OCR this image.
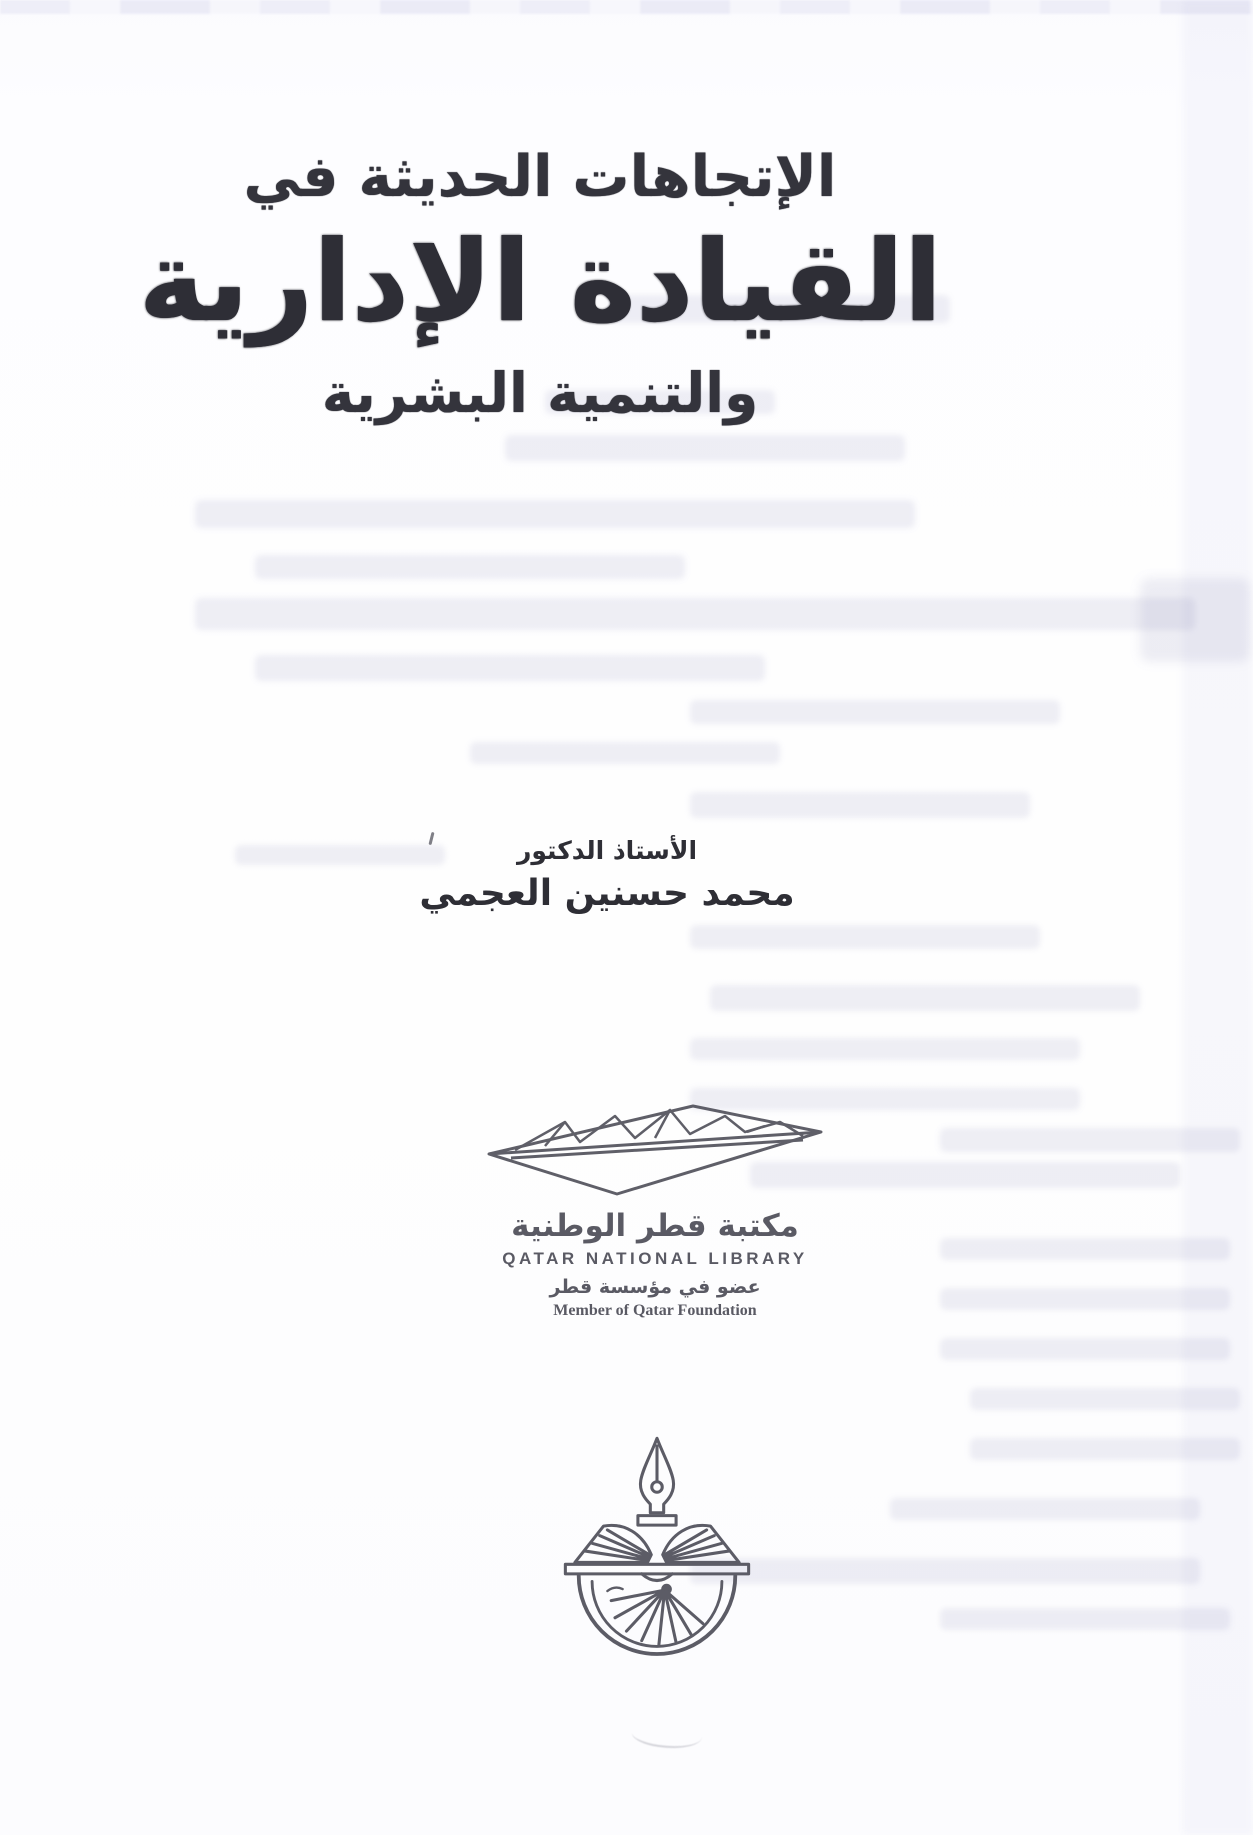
الإتجاهات الحديثة في
القيادة الإدارية
والتنمية البشرية
الأستاذ الدكتور
محمد حسنين العجمي
مكتبة قطر الوطنية
QATAR NATIONAL LIBRARY
عضو في مؤسسة قطر
Member of Qatar Foundation
